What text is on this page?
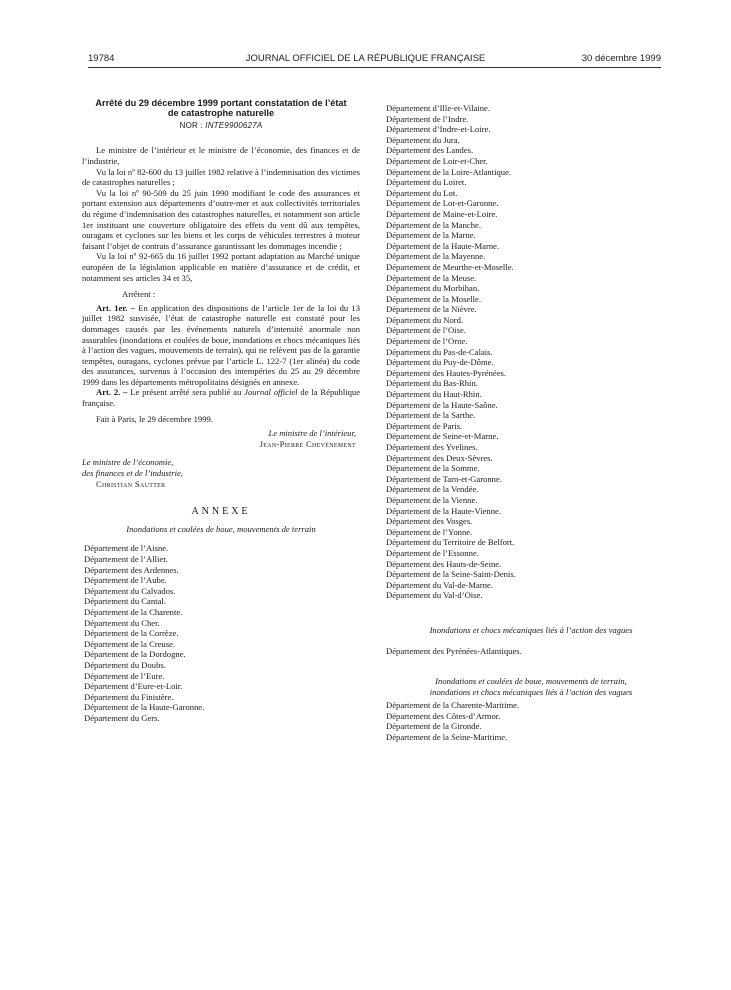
19784	JOURNAL OFFICIEL DE LA RÉPUBLIQUE FRANÇAISE	30 décembre 1999
Arrêté du 29 décembre 1999 portant constatation de l’état de catastrophe naturelle
NOR : INTE9900627A

Le ministre de l’intérieur et le ministre de l’économie, des finances et de l’industrie,

Vu la loi nº 82-600 du 13 juillet 1982 relative à l’indemnisation des victimes de catastrophes naturelles ;

Vu la loi nº 90-509 du 25 juin 1990 modifiant le code des assurances et portant extension aux départements d’outre-mer et aux collectivités territoriales du régime d’indemnisation des catastrophes naturelles, et notamment son article 1er instituant une couverture obligatoire des effets du vent dû aux tempêtes, ouragans et cyclones sur les biens et les corps de véhicules terrestres à moteur faisant l’objet de contrats d’assurance garantissant les dommages incendie ;

Vu la loi nº 92-665 du 16 juillet 1992 portant adaptation au Marché unique européen de la législation applicable en matière d’assurance et de crédit, et notamment ses articles 34 et 35,

Arrêtent :

Art. 1er. – En application des dispositions de l’article 1er de la loi du 13 juillet 1982 susvisée, l’état de catastrophe naturelle est constaté pour les dommages causés par les événements naturels d’intensité anormale non assurables (inondations et coulées de boue, inondations et chocs mécaniques liés à l’action des vagues, mouvements de terrain), qui ne relèvent pas de la garantie tempêtes, ouragans, cyclones prévue par l’article L. 122-7 (1er alinéa) du code des assurances, survenus à l’occasion des intempéries du 25 au 29 décembre 1999 dans les départements métropolitains désignés en annexe.

Art. 2. – Le présent arrêté sera publié au Journal officiel de la République française.

Fait à Paris, le 29 décembre 1999.

Le ministre de l’intérieur,
Jean-Pierre Chevènement
Le ministre de l’économie,
des finances et de l’industrie,
Christian Sautter
ANNEXE
Inondations et coulées de boue, mouvements de terrain
Département de l’Aisne.
Département de l’Allier.
Département des Ardennes.
Département de l’Aube.
Département du Calvados.
Département du Cantal.
Département de la Charente.
Département du Cher.
Département de la Corrèze.
Département de la Creuse.
Département de la Dordogne.
Département du Doubs.
Département de l’Eure.
Département d’Eure-et-Loir.
Département du Finistère.
Département de la Haute-Garonne.
Département du Gers.
Département d’Ille-et-Vilaine.
Département de l’Indre.
Département d’Indre-et-Loire.
Département du Jura.
Département des Landes.
Département de Loir-et-Cher.
Département de la Loire-Atlantique.
Département du Loiret.
Département du Lot.
Département de Lot-et-Garonne.
Département de Maine-et-Loire.
Département de la Manche.
Département de la Marne.
Département de la Haute-Marne.
Département de la Mayenne.
Département de Meurthe-et-Moselle.
Département de la Meuse.
Département du Morbihan.
Département de la Moselle.
Département de la Nièvre.
Département du Nord.
Département de l’Oise.
Département de l’Orne.
Département du Pas-de-Calais.
Département du Puy-de-Dôme.
Département des Hautes-Pyrénées.
Département du Bas-Rhin.
Département du Haut-Rhin.
Département de la Haute-Saône.
Département de la Sarthe.
Département de Paris.
Département de Seine-et-Marne.
Département des Yvelines.
Département des Deux-Sèvres.
Département de la Somme.
Département de Tarn-et-Garonne.
Département de la Vendée.
Département de la Vienne.
Département de la Haute-Vienne.
Département des Vosges.
Département de l’Yonne.
Département du Territoire de Belfort.
Département de l’Essonne.
Département des Hauts-de-Seine.
Département de la Seine-Saint-Denis.
Département du Val-de-Marne.
Département du Val-d’Oise.
Inondations et chocs mécaniques liés à l’action des vagues
Département des Pyrénées-Atlantiques.
Inondations et coulées de boue, mouvements de terrain,
inondations et chocs mécaniques liés à l’action des vagues
Département de la Charente-Maritime.
Département des Côtes-d’Armor.
Département de la Gironde.
Département de la Seine-Maritime.
